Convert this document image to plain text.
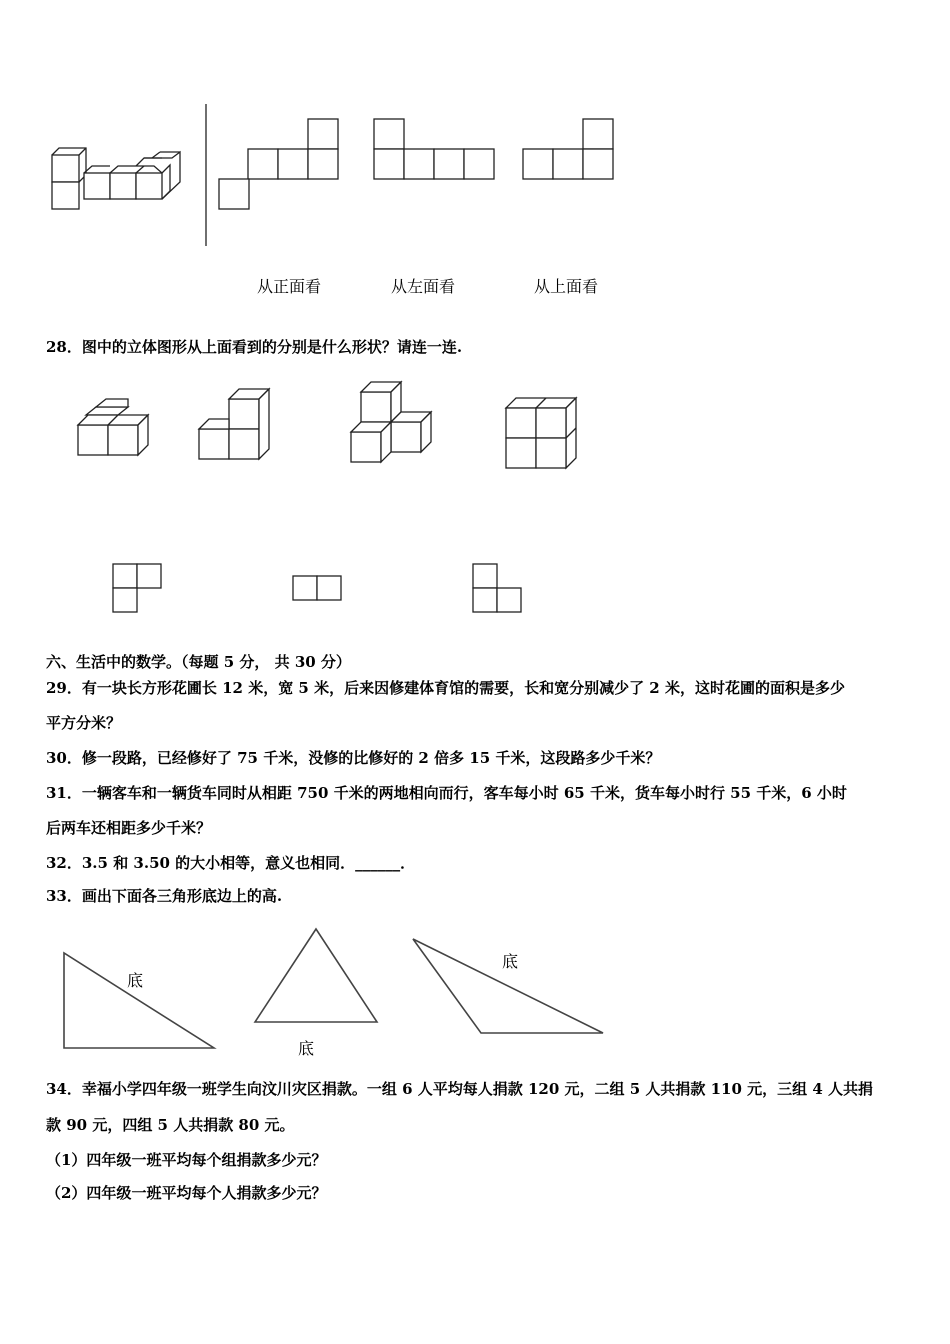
从正面看	从左面看	从上面看
28．图中的立体图形从上面看到的分别是什么形状？请连一连.
六、生活中的数学。（每题 5 分， 共 30 分）
29．有一块长方形花圃长 12 米，宽 5 米，后来因修建体育馆的需要，长和宽分别减少了 2 米，这时花圃的面积是多少
平方分米？
30．修一段路，已经修好了 75 千米，没修的比修好的 2 倍多 15 千米，这段路多少千米？
31．一辆客车和一辆货车同时从相距 750 千米的两地相向而行，客车每小时 65 千米，货车每小时行 55 千米，6 小时
后两车还相距多少千米？
32．3.5 和 3.50 的大小相等，意义也相同．______．
33．画出下面各三角形底边上的高.
底
底
底
34．幸福小学四年级一班学生向汶川灾区捐款。一组 6 人平均每人捐款 120 元，二组 5 人共捐款 110 元，三组 4 人共捐
款 90 元，四组 5 人共捐款 80 元。
（1）四年级一班平均每个组捐款多少元？
（2）四年级一班平均每个人捐款多少元？
